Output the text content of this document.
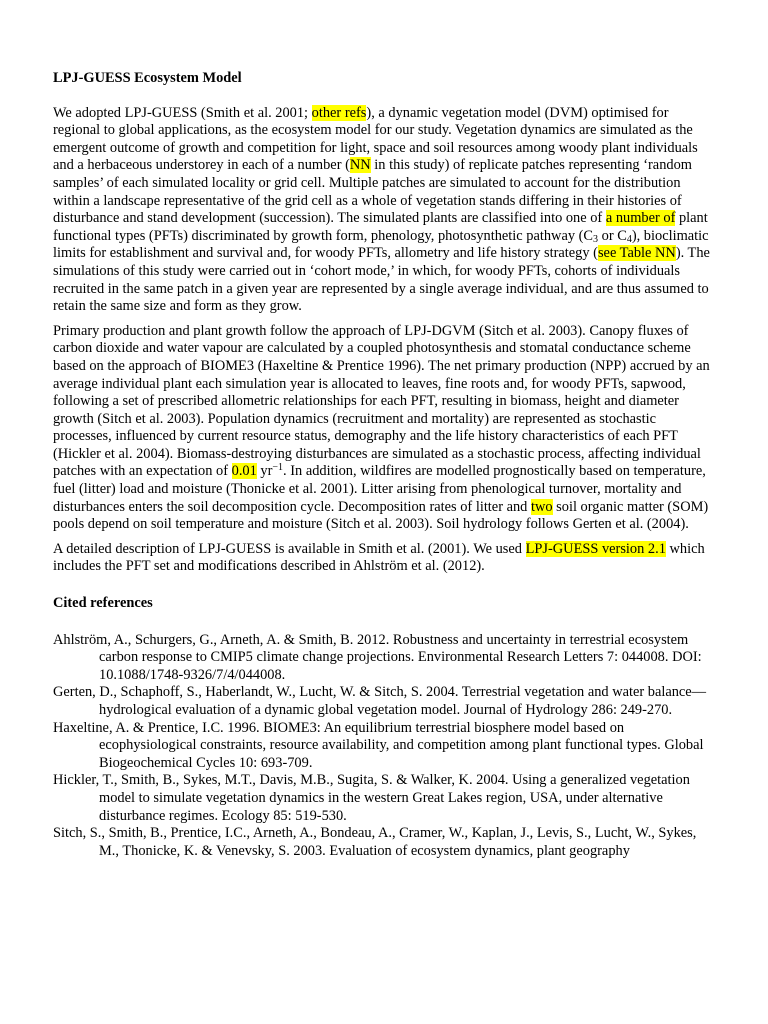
LPJ-GUESS Ecosystem Model

We adopted LPJ-GUESS (Smith et al. 2001; other refs), a dynamic vegetation model (DVM) optimised for regional to global applications, as the ecosystem model for our study. Vegetation dynamics are simulated as the emergent outcome of growth and competition for light, space and soil resources among woody plant individuals and a herbaceous understorey in each of a number (NN in this study) of replicate patches representing ‘random samples’ of each simulated locality or grid cell. Multiple patches are simulated to account for the distribution within a landscape representative of the grid cell as a whole of vegetation stands differing in their histories of disturbance and stand development (succession). The simulated plants are classified into one of a number of plant functional types (PFTs) discriminated by growth form, phenology, photosynthetic pathway ($C_3$ or $C_4$), bioclimatic limits for establishment and survival and, for woody PFTs, allometry and life history strategy (see Table NN). The simulations of this study were carried out in ‘cohort mode,’ in which, for woody PFTs, cohorts of individuals recruited in the same patch in a given year are represented by a single average individual, and are thus assumed to retain the same size and form as they grow.

Primary production and plant growth follow the approach of LPJ-DGVM (Sitch et al. 2003). Canopy fluxes of carbon dioxide and water vapour are calculated by a coupled photosynthesis and stomatal conductance scheme based on the approach of BIOME3 (Haxeltine & Prentice 1996). The net primary production (NPP) accrued by an average individual plant each simulation year is allocated to leaves, fine roots and, for woody PFTs, sapwood, following a set of prescribed allometric relationships for each PFT, resulting in biomass, height and diameter growth (Sitch et al. 2003). Population dynamics (recruitment and mortality) are represented as stochastic processes, influenced by current resource status, demography and the life history characteristics of each PFT (Hickler et al. 2004). Biomass-destroying disturbances are simulated as a stochastic process, affecting individual patches with an expectation of 0.01 $yr^{-1}$. In addition, wildfires are modelled prognostically based on temperature, fuel (litter) load and moisture (Thonicke et al. 2001). Litter arising from phenological turnover, mortality and disturbances enters the soil decomposition cycle. Decomposition rates of litter and two soil organic matter (SOM) pools depend on soil temperature and moisture (Sitch et al. 2003). Soil hydrology follows Gerten et al. (2004).

A detailed description of LPJ-GUESS is available in Smith et al. (2001). We used LPJ-GUESS version 2.1 which includes the PFT set and modifications described in Ahlström et al. (2012).

Cited references

Ahlström, A., Schurgers, G., Arneth, A. & Smith, B. 2012. Robustness and uncertainty in terrestrial ecosystem carbon response to CMIP5 climate change projections. Environmental Research Letters 7: 044008. DOI: 10.1088/1748-9326/7/4/044008.

Gerten, D., Schaphoff, S., Haberlandt, W., Lucht, W. & Sitch, S. 2004. Terrestrial vegetation and water balance—hydrological evaluation of a dynamic global vegetation model. Journal of Hydrology 286: 249-270.

Haxeltine, A. & Prentice, I.C. 1996. BIOME3: An equilibrium terrestrial biosphere model based on ecophysiological constraints, resource availability, and competition among plant functional types. Global Biogeochemical Cycles 10: 693-709.

Hickler, T., Smith, B., Sykes, M.T., Davis, M.B., Sugita, S. & Walker, K. 2004. Using a generalized vegetation model to simulate vegetation dynamics in the western Great Lakes region, USA, under alternative disturbance regimes. Ecology 85: 519-530.

Sitch, S., Smith, B., Prentice, I.C., Arneth, A., Bondeau, A., Cramer, W., Kaplan, J., Levis, S., Lucht, W., Sykes, M., Thonicke, K. & Venevsky, S. 2003. Evaluation of ecosystem dynamics, plant geography
